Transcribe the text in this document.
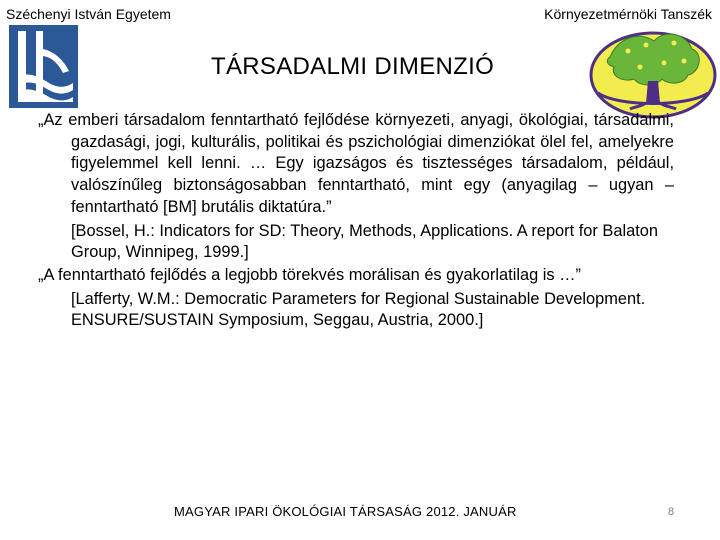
Széchenyi István Egyetem	Környezetmérnöki Tanszék
TÁRSADALMI DIMENZIÓ

„Az emberi társadalom fenntartható fejlődése környezeti, anyagi, ökológiai, társadalmi, gazdasági, jogi, kulturális, politikai és pszichológiai dimenziókat ölel fel, amelyekre figyelemmel kell lenni. … Egy igazságos és tisztességes társadalom, például, valószínűleg biztonságosabban fenntartható, mint egy (anyagilag – ugyan – fenntartható [BM] brutális diktatúra.”

[Bossel, H.: Indicators for SD: Theory, Methods, Applications. A report for Balaton Group, Winnipeg, 1999.]

„A fenntartható fejlődés a legjobb törekvés morálisan és gyakorlatilag is …”

[Lafferty, W.M.: Democratic Parameters for Regional Sustainable Development. ENSURE/SUSTAIN Symposium, Seggau, Austria, 2000.]

MAGYAR IPARI ÖKOLÓGIAI TÁRSASÁG 2012. JANUÁR	8
